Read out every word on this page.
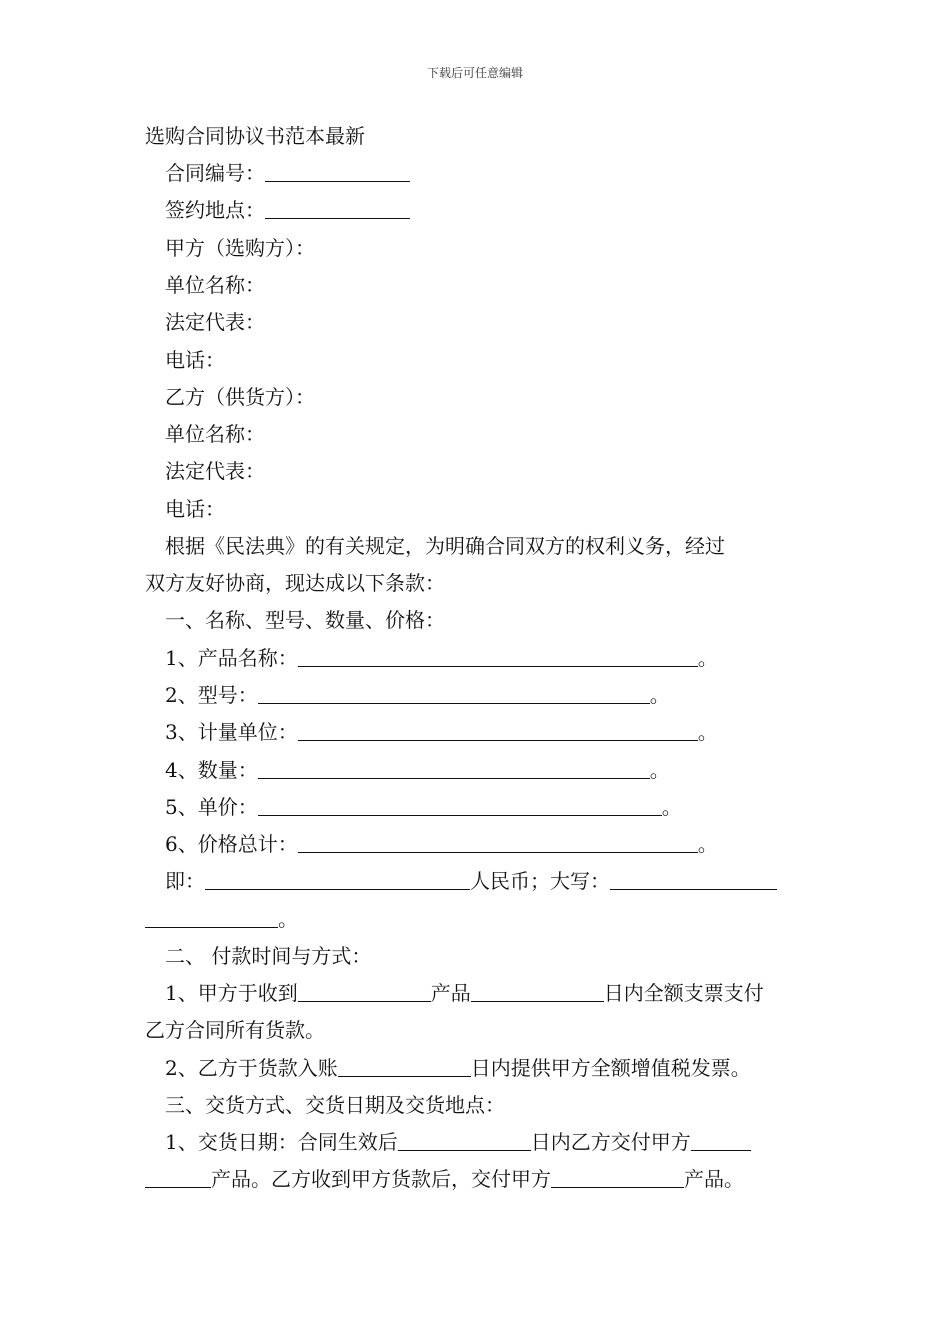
下载后可任意编辑
选购合同协议书范本最新
合同编号：
签约地点：
甲方（选购方）：
单位名称：
法定代表：
电话：
乙方（供货方）：
单位名称：
法定代表：
电话：
根据《民法典》的有关规定，为明确合同双方的权利义务，经过
双方友好协商，现达成以下条款：
一、名称、型号、数量、价格：
1、产品名称：	。
2、型号：	。
3、计量单位：	。
4、数量：	。
5、单价：	。
6、价格总计：	。
即：	人民币；大写：
。
二、 付款时间与方式：
1、甲方于收到	产品	日内全额支票支付
乙方合同所有货款。
2、乙方于货款入账	日内提供甲方全额增值税发票。
三、交货方式、交货日期及交货地点：
1、交货日期：合同生效后	日内乙方交付甲方
产品。乙方收到甲方货款后，交付甲方	产品。
